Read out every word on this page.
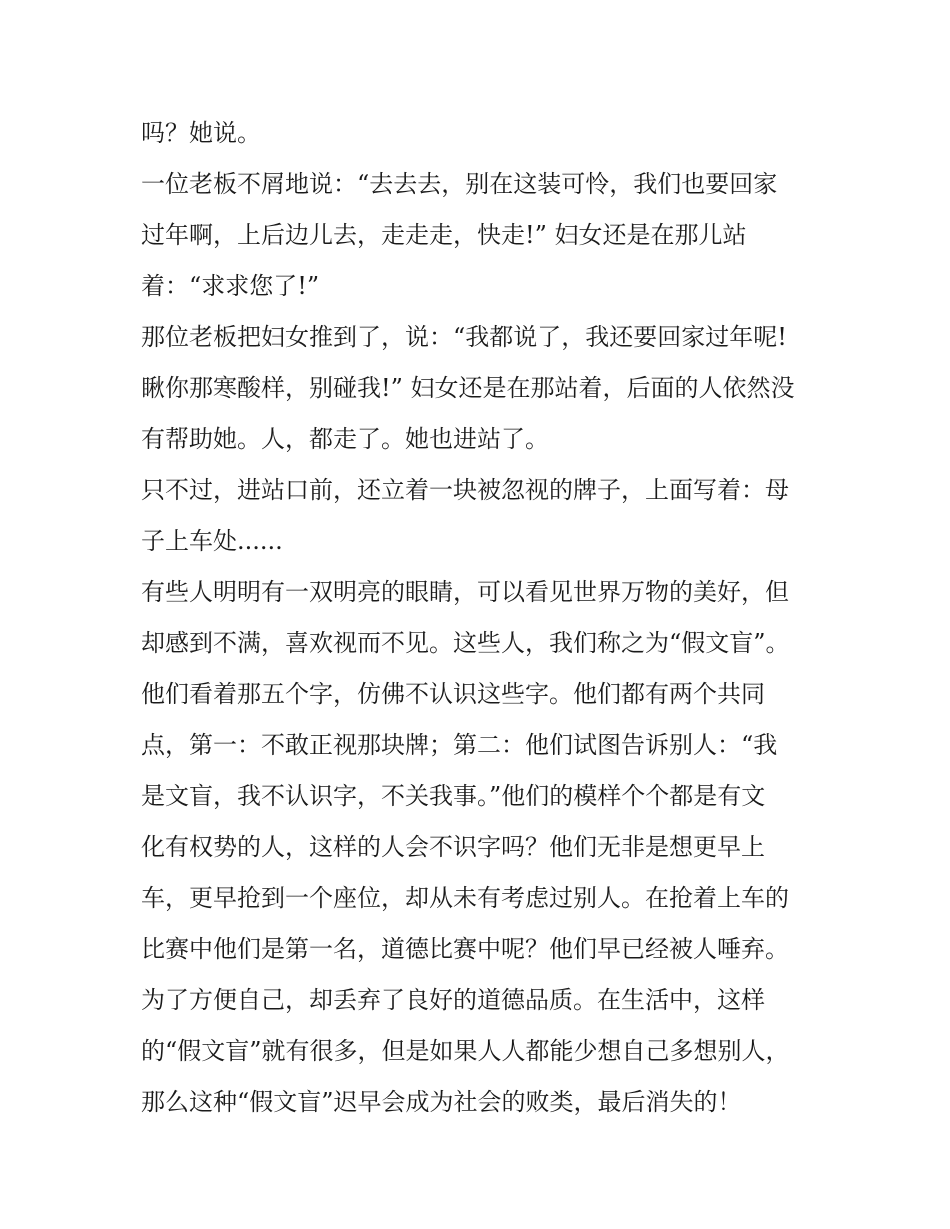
吗？她说。
一位老板不屑地说：“去去去，别在这装可怜，我们也要回家
过年啊，上后边儿去，走走走，快走!” 妇女还是在那儿站
着：“求求您了!”
那位老板把妇女推到了，说：“我都说了，我还要回家过年呢!
瞅你那寒酸样，别碰我!” 妇女还是在那站着，后面的人依然没
有帮助她。人，都走了。她也进站了。
只不过，进站口前，还立着一块被忽视的牌子，上面写着：母
子上车处......
有些人明明有一双明亮的眼睛，可以看见世界万物的美好，但
却感到不满，喜欢视而不见。这些人，我们称之为“假文盲”。
他们看着那五个字，仿佛不认识这些字。他们都有两个共同
点，第一：不敢正视那块牌；第二：他们试图告诉别人：“我
是文盲，我不认识字，不关我事。”他们的模样个个都是有文
化有权势的人，这样的人会不识字吗？他们无非是想更早上
车，更早抢到一个座位，却从未有考虑过别人。在抢着上车的
比赛中他们是第一名，道德比赛中呢？他们早已经被人唾弃。
为了方便自己，却丢弃了良好的道德品质。在生活中，这样
的“假文盲”就有很多，但是如果人人都能少想自己多想别人，
那么这种“假文盲”迟早会成为社会的败类，最后消失的！
